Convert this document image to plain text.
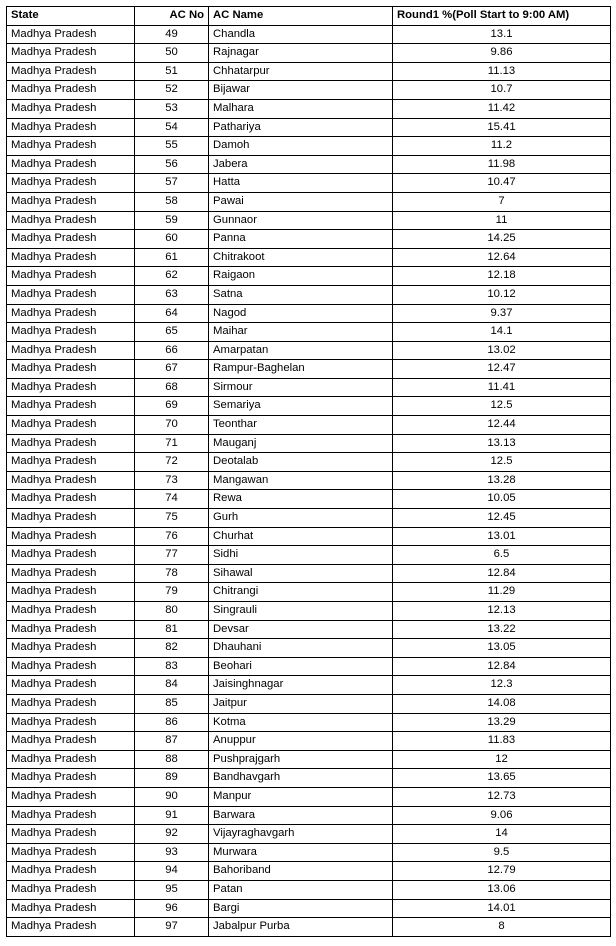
State	AC No	AC Name	Round1 %(Poll Start to 9:00 AM)
Madhya Pradesh	49	Chandla	13.1
Madhya Pradesh	50	Rajnagar	9.86
Madhya Pradesh	51	Chhatarpur	11.13
Madhya Pradesh	52	Bijawar	10.7
Madhya Pradesh	53	Malhara	11.42
Madhya Pradesh	54	Pathariya	15.41
Madhya Pradesh	55	Damoh	11.2
Madhya Pradesh	56	Jabera	11.98
Madhya Pradesh	57	Hatta	10.47
Madhya Pradesh	58	Pawai	7
Madhya Pradesh	59	Gunnaor	11
Madhya Pradesh	60	Panna	14.25
Madhya Pradesh	61	Chitrakoot	12.64
Madhya Pradesh	62	Raigaon	12.18
Madhya Pradesh	63	Satna	10.12
Madhya Pradesh	64	Nagod	9.37
Madhya Pradesh	65	Maihar	14.1
Madhya Pradesh	66	Amarpatan	13.02
Madhya Pradesh	67	Rampur-Baghelan	12.47
Madhya Pradesh	68	Sirmour	11.41
Madhya Pradesh	69	Semariya	12.5
Madhya Pradesh	70	Teonthar	12.44
Madhya Pradesh	71	Mauganj	13.13
Madhya Pradesh	72	Deotalab	12.5
Madhya Pradesh	73	Mangawan	13.28
Madhya Pradesh	74	Rewa	10.05
Madhya Pradesh	75	Gurh	12.45
Madhya Pradesh	76	Churhat	13.01
Madhya Pradesh	77	Sidhi	6.5
Madhya Pradesh	78	Sihawal	12.84
Madhya Pradesh	79	Chitrangi	11.29
Madhya Pradesh	80	Singrauli	12.13
Madhya Pradesh	81	Devsar	13.22
Madhya Pradesh	82	Dhauhani	13.05
Madhya Pradesh	83	Beohari	12.84
Madhya Pradesh	84	Jaisinghnagar	12.3
Madhya Pradesh	85	Jaitpur	14.08
Madhya Pradesh	86	Kotma	13.29
Madhya Pradesh	87	Anuppur	11.83
Madhya Pradesh	88	Pushprajgarh	12
Madhya Pradesh	89	Bandhavgarh	13.65
Madhya Pradesh	90	Manpur	12.73
Madhya Pradesh	91	Barwara	9.06
Madhya Pradesh	92	Vijayraghavgarh	14
Madhya Pradesh	93	Murwara	9.5
Madhya Pradesh	94	Bahoriband	12.79
Madhya Pradesh	95	Patan	13.06
Madhya Pradesh	96	Bargi	14.01
Madhya Pradesh	97	Jabalpur Purba	8
